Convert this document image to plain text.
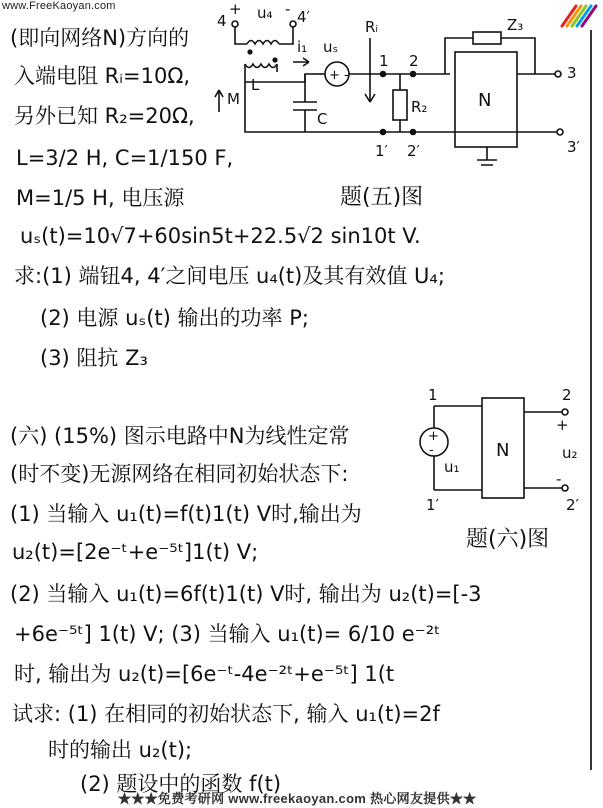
www.FreeKaoyan.com
(即向网络N)方向的
入端电阻 Rᵢ=10Ω,
另外已知 R₂=20Ω,
L=3/2 H, C=1/150 F,
M=1/5 H, 电压源	题(五)图
uₛ(t)=10√7+60sin5t+22.5√2 sin10t V.
求:(1) 端钮4, 4′之间电压 u₄(t)及其有效值 U₄;
(2) 电源 uₛ(t) 输出的功率 P;
(3) 阻抗 Z₃
4	4′
+	-
u₄
L
M
+ -
uₛ
i₁
C
Rᵢ
1 2
R₂	N
Z₃
3
3′
1′ 2′
(六) (15%) 图示电路中N为线性定常
(时不变)无源网络在相同初始状态下:
(1) 当输入 u₁(t)=f(t)1(t) V时,输出为
u₂(t)=[2e⁻ᵗ+e⁻⁵ᵗ]1(t) V;
(2) 当输入 u₁(t)=6f(t)1(t) V时, 输出为 u₂(t)=[-3
+6e⁻⁵ᵗ] 1(t) V; (3) 当输入 u₁(t)= 6/10 e⁻²ᵗ
时, 输出为 u₂(t)=[6e⁻ᵗ-4e⁻²ᵗ+e⁻⁵ᵗ] 1(t
试求: (1) 在相同的初始状态下, 输入 u₁(t)=2f
时的输出 u₂(t);
(2) 题设中的函数 f(t)
1
1′
+
-
u₁
N
2
+
u₂
-
2′
题(六)图
★★★免费考研网 www.freekaoyan.com 热心网友提供★★
